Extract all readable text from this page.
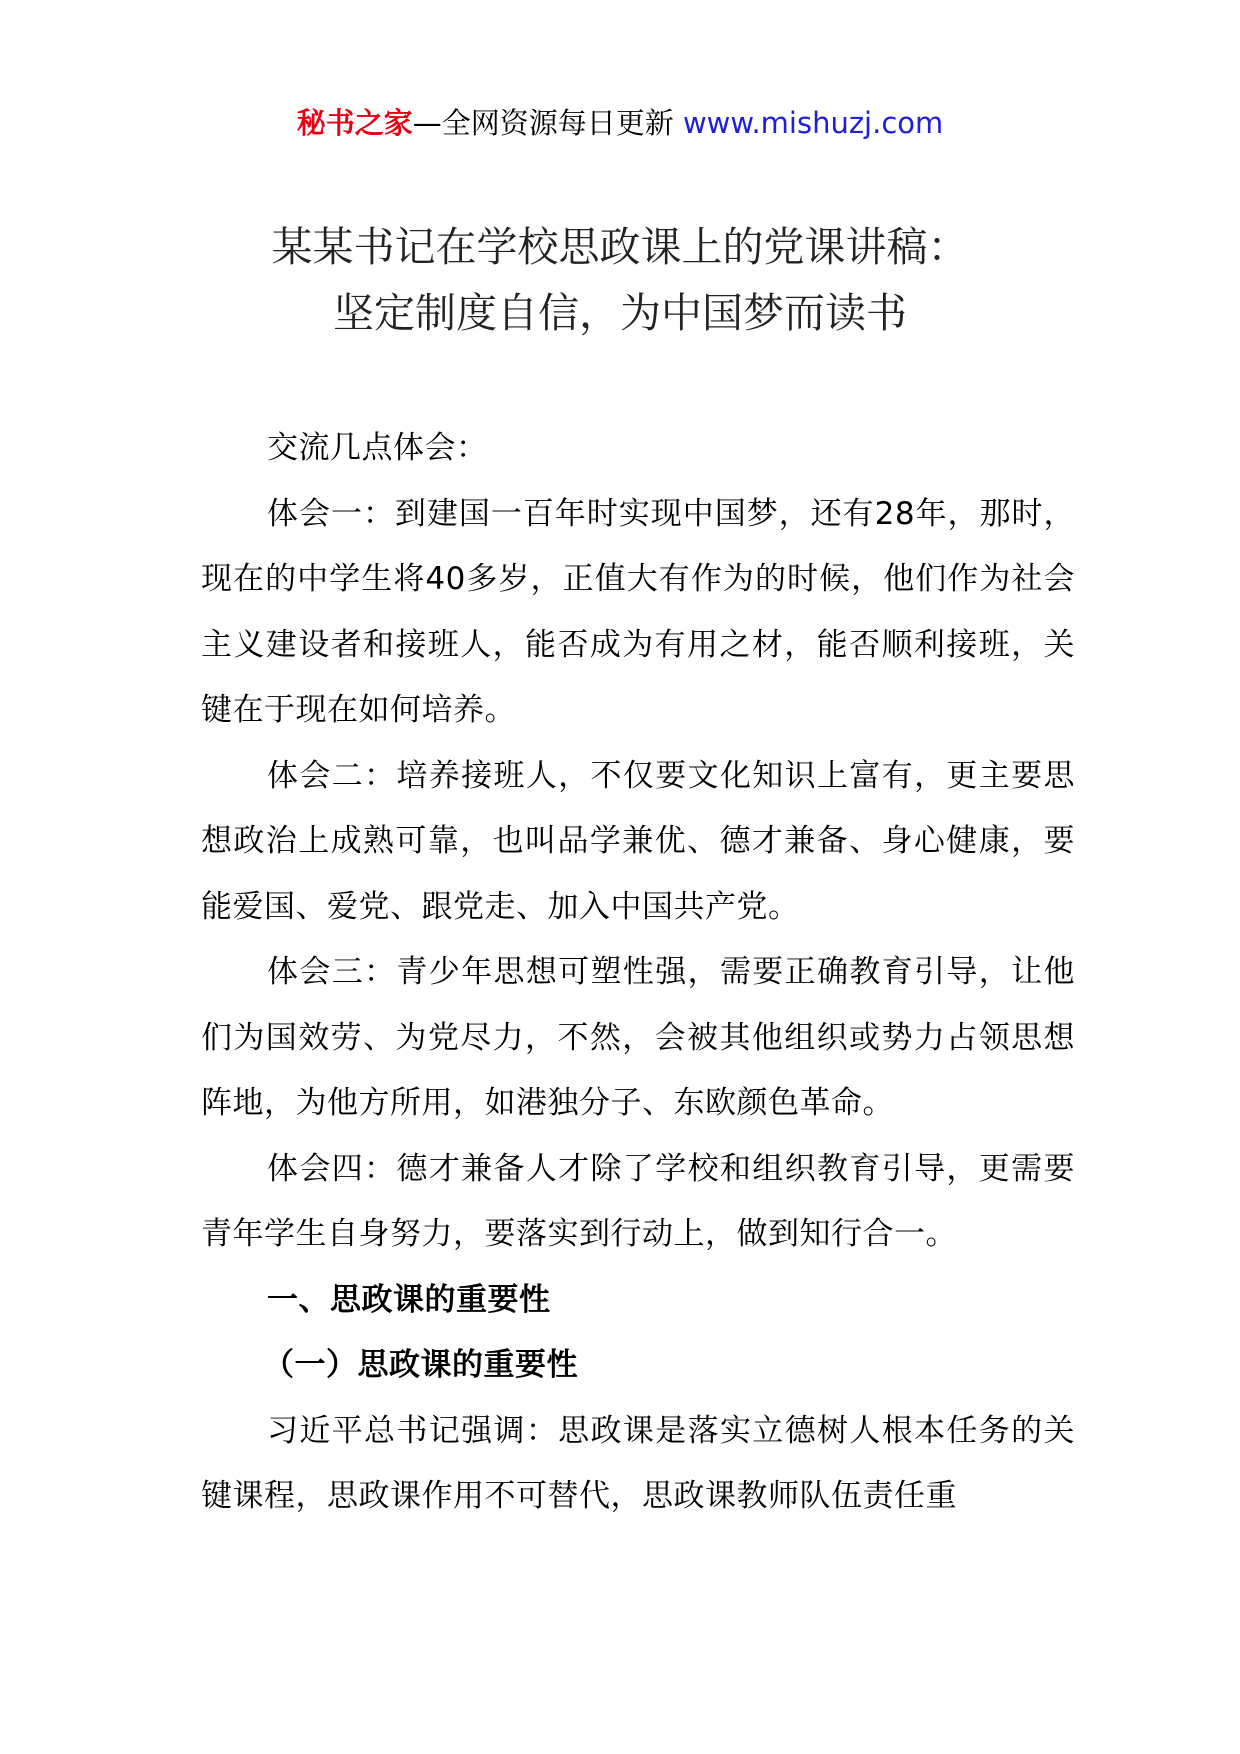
秘书之家—全网资源每日更新 www.mishuzj.com
某某书记在学校思政课上的党课讲稿：
坚定制度自信，为中国梦而读书

交流几点体会：

体会一：到建国一百年时实现中国梦，还有28年，那时，现在的中学生将40多岁，正值大有作为的时候，他们作为社会主义建设者和接班人，能否成为有用之材，能否顺利接班，关键在于现在如何培养。

体会二：培养接班人，不仅要文化知识上富有，更主要思想政治上成熟可靠，也叫品学兼优、德才兼备、身心健康，要能爱国、爱党、跟党走、加入中国共产党。

体会三：青少年思想可塑性强，需要正确教育引导，让他们为国效劳、为党尽力，不然，会被其他组织或势力占领思想阵地，为他方所用，如港独分子、东欧颜色革命。

体会四：德才兼备人才除了学校和组织教育引导，更需要青年学生自身努力，要落实到行动上，做到知行合一。

一、思政课的重要性

（一）思政课的重要性

习近平总书记强调：思政课是落实立德树人根本任务的关键课程，思政课作用不可替代，思政课教师队伍责任重
